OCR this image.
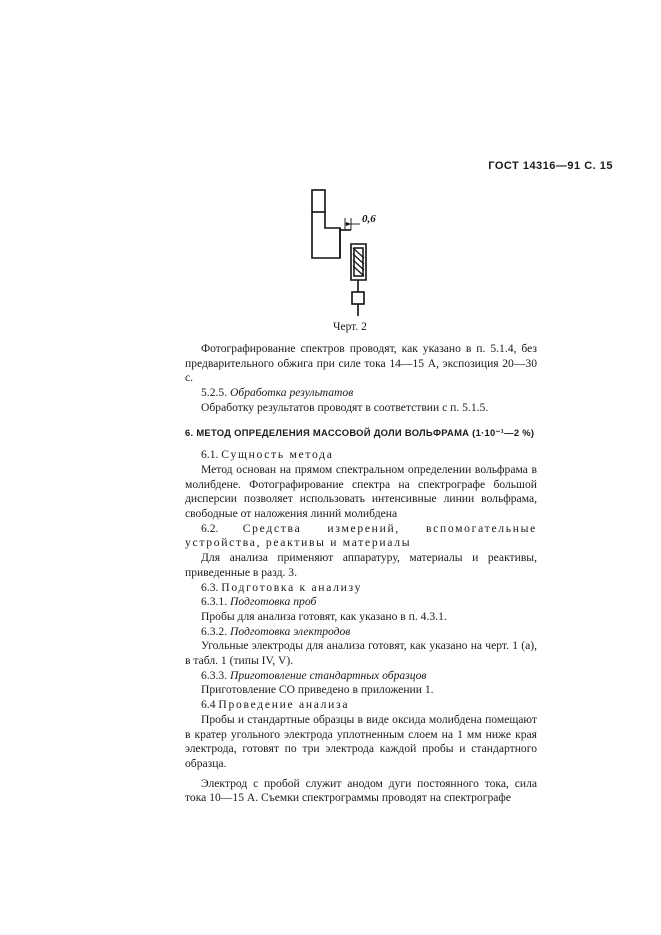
ГОСТ 14316—91 С. 15
0,6
Черт. 2

Фотографирование спектров проводят, как указано в п. 5.1.4, без предварительного обжига при силе тока 14—15 А, экспозиция 20—30 с.

5.2.5. Обработка результатов

Обработку результатов проводят в соответствии с п. 5.1.5.

6. МЕТОД ОПРЕДЕЛЕНИЯ МАССОВОЙ ДОЛИ ВОЛЬФРАМА (1·10⁻¹—2 %)

6.1. Сущность метода

Метод основан на прямом спектральном определении вольфрама в молибдене. Фотографирование спектра на спектрографе большой дисперсии позволяет использовать интенсивные линии вольфрама, свободные от наложения линий молибдена

6.2. Средства измерений, вспомогательные устройства, реактивы и материалы

Для анализа применяют аппаратуру, материалы и реактивы, приведенные в разд. 3.

6.3. Подготовка к анализу

6.3.1. Подготовка проб

Пробы для анализа готовят, как указано в п. 4.3.1.

6.3.2. Подготовка электродов

Угольные электроды для анализа готовят, как указано на черт. 1 (а), в табл. 1 (типы IV, V).

6.3.3. Приготовление стандартных образцов

Приготовление СО приведено в приложении 1.

6.4 Проведение анализа

Пробы и стандартные образцы в виде оксида молибдена помещают в кратер угольного электрода уплотненным слоем на 1 мм ниже края электрода, готовят по три электрода каждой пробы и стандартного образца.

Электрод с пробой служит анодом дуги постоянного тока, сила тока 10—15 А. Съемки спектрограммы проводят на спектрографе
